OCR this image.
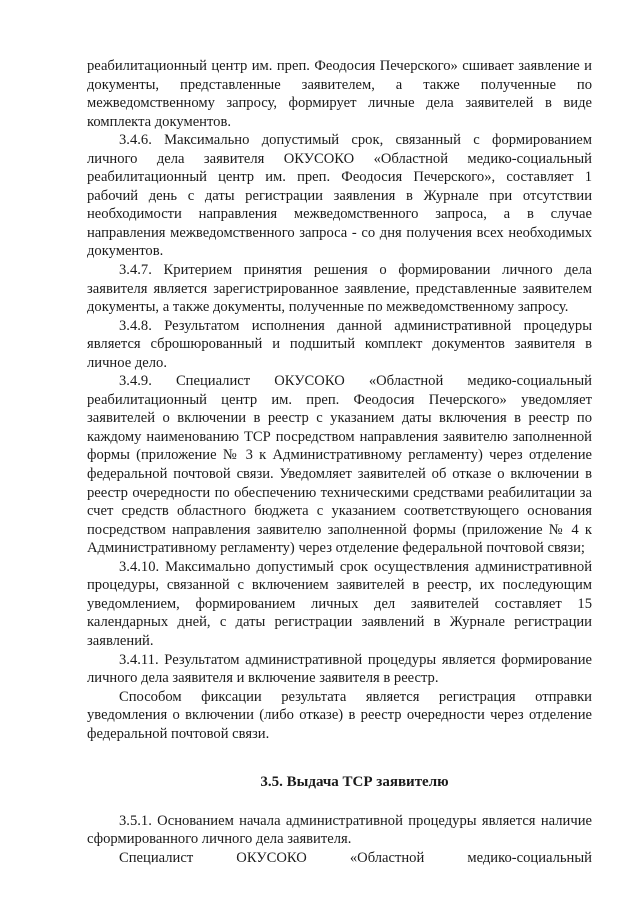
реабилитационный центр им. преп. Феодосия Печерского» сшивает заявление и документы, представленные заявителем, а также полученные по межведомственному запросу, формирует личные дела заявителей в виде комплекта документов.

3.4.6. Максимально допустимый срок, связанный с формированием личного дела заявителя ОКУСОКО «Областной медико-социальный реабилитационный центр им. преп. Феодосия Печерского», составляет 1 рабочий день с даты регистрации заявления в Журнале при отсутствии необходимости направления межведомственного запроса, а в случае направления межведомственного запроса - со дня получения всех необходимых документов.

3.4.7. Критерием принятия решения о формировании личного дела заявителя является зарегистрированное заявление, представленные заявителем документы, а также документы, полученные по межведомственному запросу.

3.4.8. Результатом исполнения данной административной процедуры является сброшюрованный и подшитый комплект документов заявителя в личное дело.

3.4.9. Специалист ОКУСОКО «Областной медико-социальный реабилитационный центр им. преп. Феодосия Печерского» уведомляет заявителей о включении в реестр с указанием даты включения в реестр по каждому наименованию ТСР посредством направления заявителю заполненной формы (приложение № 3 к Административному регламенту) через отделение федеральной почтовой связи. Уведомляет заявителей об отказе о включении в реестр очередности по обеспечению техническими средствами реабилитации за счет средств областного бюджета с указанием соответствующего основания посредством направления заявителю заполненной формы (приложение № 4 к Административному регламенту) через отделение федеральной почтовой связи;

3.4.10. Максимально допустимый срок осуществления административной процедуры, связанной с включением заявителей в реестр, их последующим уведомлением, формированием личных дел заявителей составляет 15 календарных дней, с даты регистрации заявлений в Журнале регистрации заявлений.

3.4.11. Результатом административной процедуры является формирование личного дела заявителя и включение заявителя в реестр.

Способом фиксации результата является регистрация отправки уведомления о включении (либо отказе) в реестр очередности через отделение федеральной почтовой связи.

3.5. Выдача ТСР заявителю

3.5.1. Основанием начала административной процедуры является наличие сформированного личного дела заявителя.

Специалист ОКУСОКО «Областной медико-социальный
